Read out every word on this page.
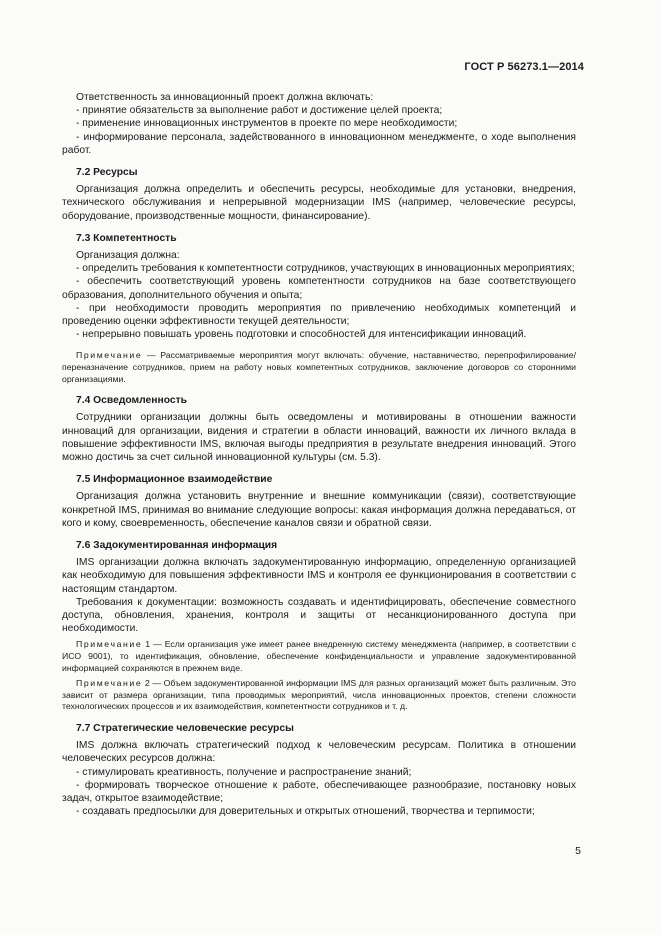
ГОСТ Р 56273.1—2014

Ответственность за инновационный проект должна включать:

- принятие обязательств за выполнение работ и достижение целей проекта;

- применение инновационных инструментов в проекте по мере необходимости;

- информирование персонала, задействованного в инновационном менеджменте, о ходе выполнения работ.

7.2 Ресурсы

Организация должна определить и обеспечить ресурсы, необходимые для установки, внедрения, технического обслуживания и непрерывной модернизации IMS (например, человеческие ресурсы, оборудование, производственные мощности, финансирование).

7.3 Компетентность

Организация должна:

- определить требования к компетентности сотрудников, участвующих в инновационных мероприятиях;

- обеспечить соответствующий уровень компетентности сотрудников на базе соответствующего образования, дополнительного обучения и опыта;

- при необходимости проводить мероприятия по привлечению необходимых компетенций и проведению оценки эффективности текущей деятельности;

- непрерывно повышать уровень подготовки и способностей для интенсификации инноваций.

Примечание — Рассматриваемые мероприятия могут включать: обучение, наставничество, перепрофилирование/переназначение сотрудников, прием на работу новых компетентных сотрудников, заключение договоров со сторонними организациями.

7.4 Осведомленность

Сотрудники организации должны быть осведомлены и мотивированы в отношении важности инноваций для организации, видения и стратегии в области инноваций, важности их личного вклада в повышение эффективности IMS, включая выгоды предприятия в результате внедрения инноваций. Этого можно достичь за счет сильной инновационной культуры (см. 5.3).

7.5 Информационное взаимодействие

Организация должна установить внутренние и внешние коммуникации (связи), соответствующие конкретной IMS, принимая во внимание следующие вопросы: какая информация должна передаваться, от кого и кому, своевременность, обеспечение каналов связи и обратной связи.

7.6 Задокументированная информация

IMS организации должна включать задокументированную информацию, определенную организацией как необходимую для повышения эффективности IMS и контроля ее функционирования в соответствии с настоящим стандартом.

Требования к документации: возможность создавать и идентифицировать, обеспечение совместного доступа, обновления, хранения, контроля и защиты от несанкционированного доступа при необходимости.

Примечание 1 — Если организация уже имеет ранее внедренную систему менеджмента (например, в соответствии с ИСО 9001), то идентификация, обновление, обеспечение конфиденциальности и управление задокументированной информацией сохраняются в прежнем виде.

Примечание 2 — Объем задокументированной информации IMS для разных организаций может быть различным. Это зависит от размера организации, типа проводимых мероприятий, числа инновационных проектов, степени сложности технологических процессов и их взаимодействия, компетентности сотрудников и т. д.

7.7 Стратегические человеческие ресурсы

IMS должна включать стратегический подход к человеческим ресурсам. Политика в отношении человеческих ресурсов должна:

- стимулировать креативность, получение и распространение знаний;

- формировать творческое отношение к работе, обеспечивающее разнообразие, постановку новых задач, открытое взаимодействие;

- создавать предпосылки для доверительных и открытых отношений, творчества и терпимости;

5
